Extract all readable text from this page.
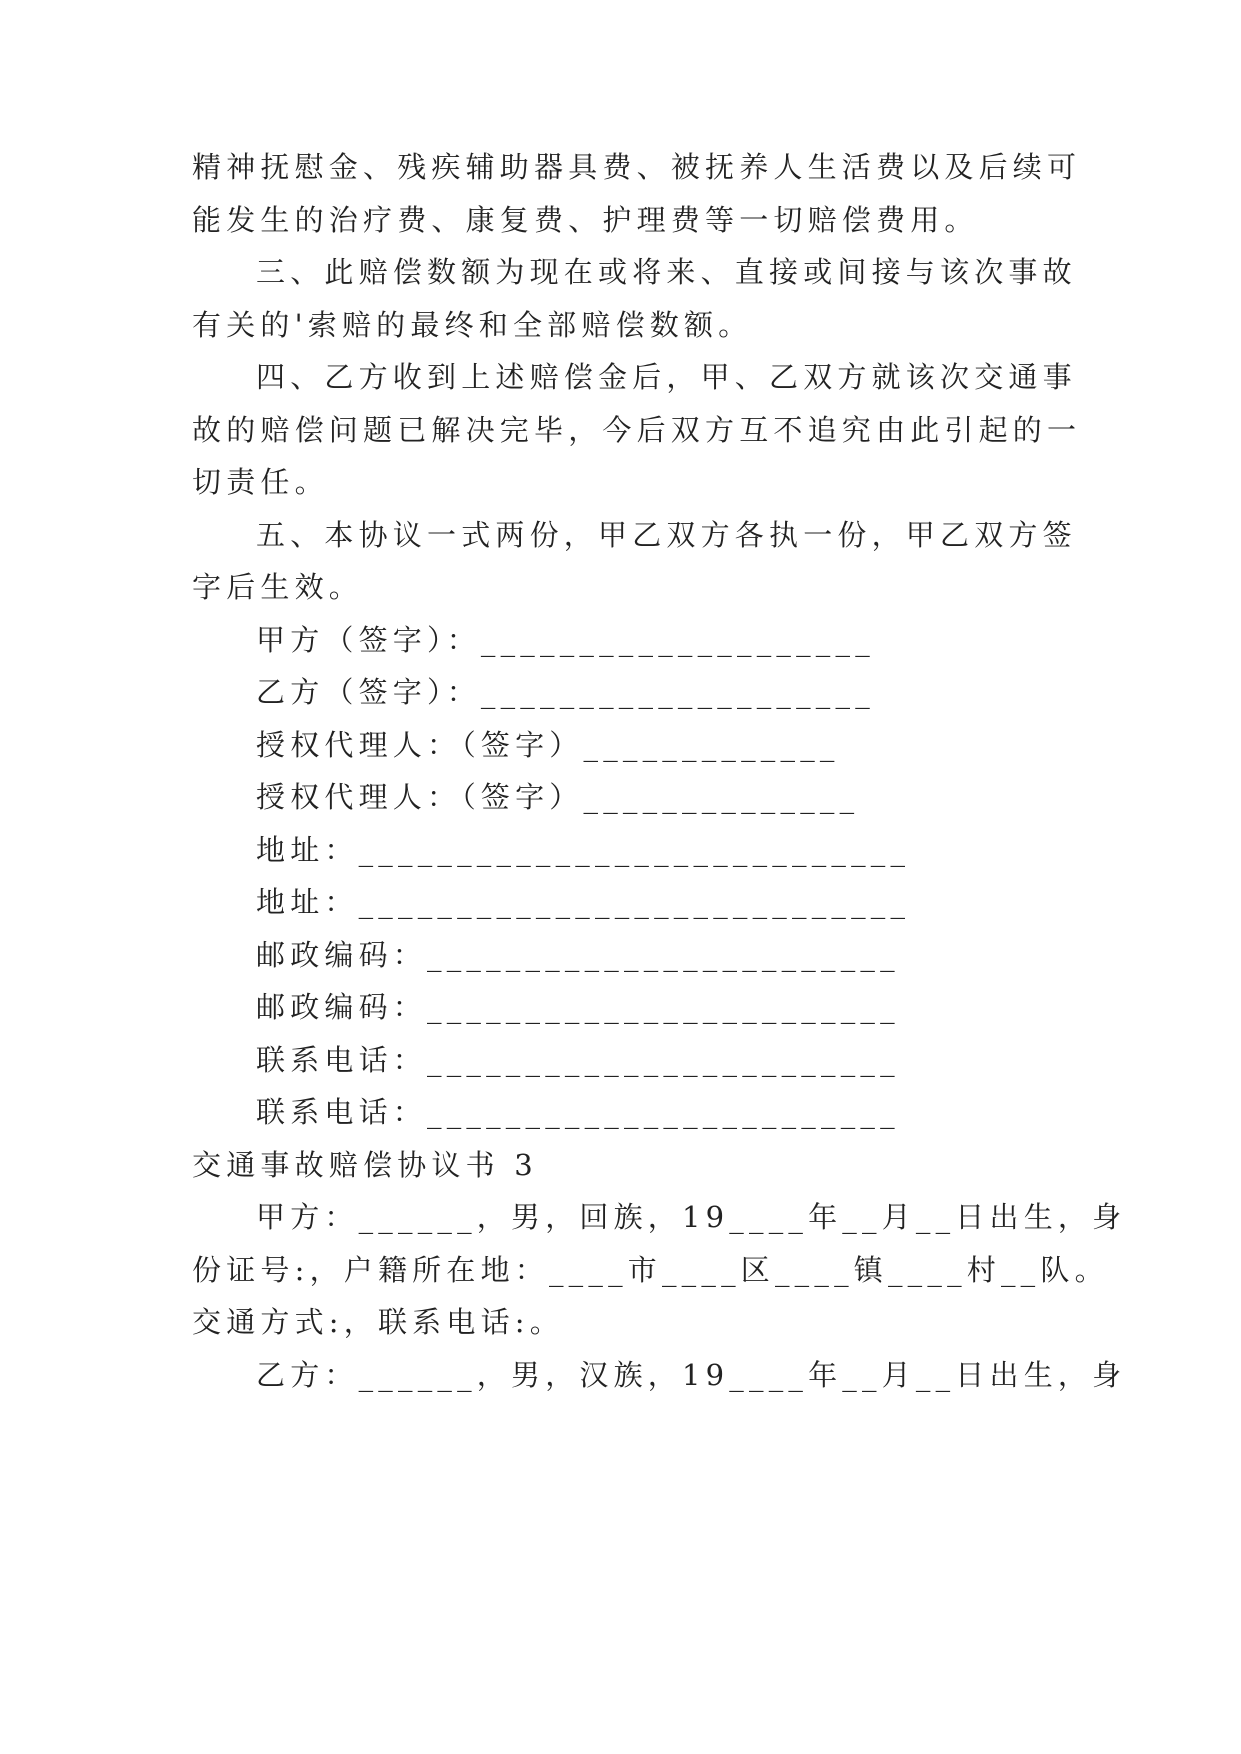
精神抚慰金、残疾辅助器具费、被抚养人生活费以及后续可
能发生的治疗费、康复费、护理费等一切赔偿费用。
三、此赔偿数额为现在或将来、直接或间接与该次事故
有关的'索赔的最终和全部赔偿数额。
四、乙方收到上述赔偿金后，甲、乙双方就该次交通事
故的赔偿问题已解决完毕，今后双方互不追究由此引起的一
切责任。
五、本协议一式两份，甲乙双方各执一份，甲乙双方签
字后生效。
甲方（签字）：____________________
乙方（签字）：____________________
授权代理人：（签字）_____________
授权代理人：（签字）______________
地址：____________________________
地址：____________________________
邮政编码：________________________
邮政编码：________________________
联系电话：________________________
联系电话：________________________
交通事故赔偿协议书 3
甲方：______，男，回族，19____年__月__日出生，身
份证号:，户籍所在地：____市____区____镇____村__队。
交通方式:，联系电话:。
乙方：______，男，汉族，19____年__月__日出生，身
